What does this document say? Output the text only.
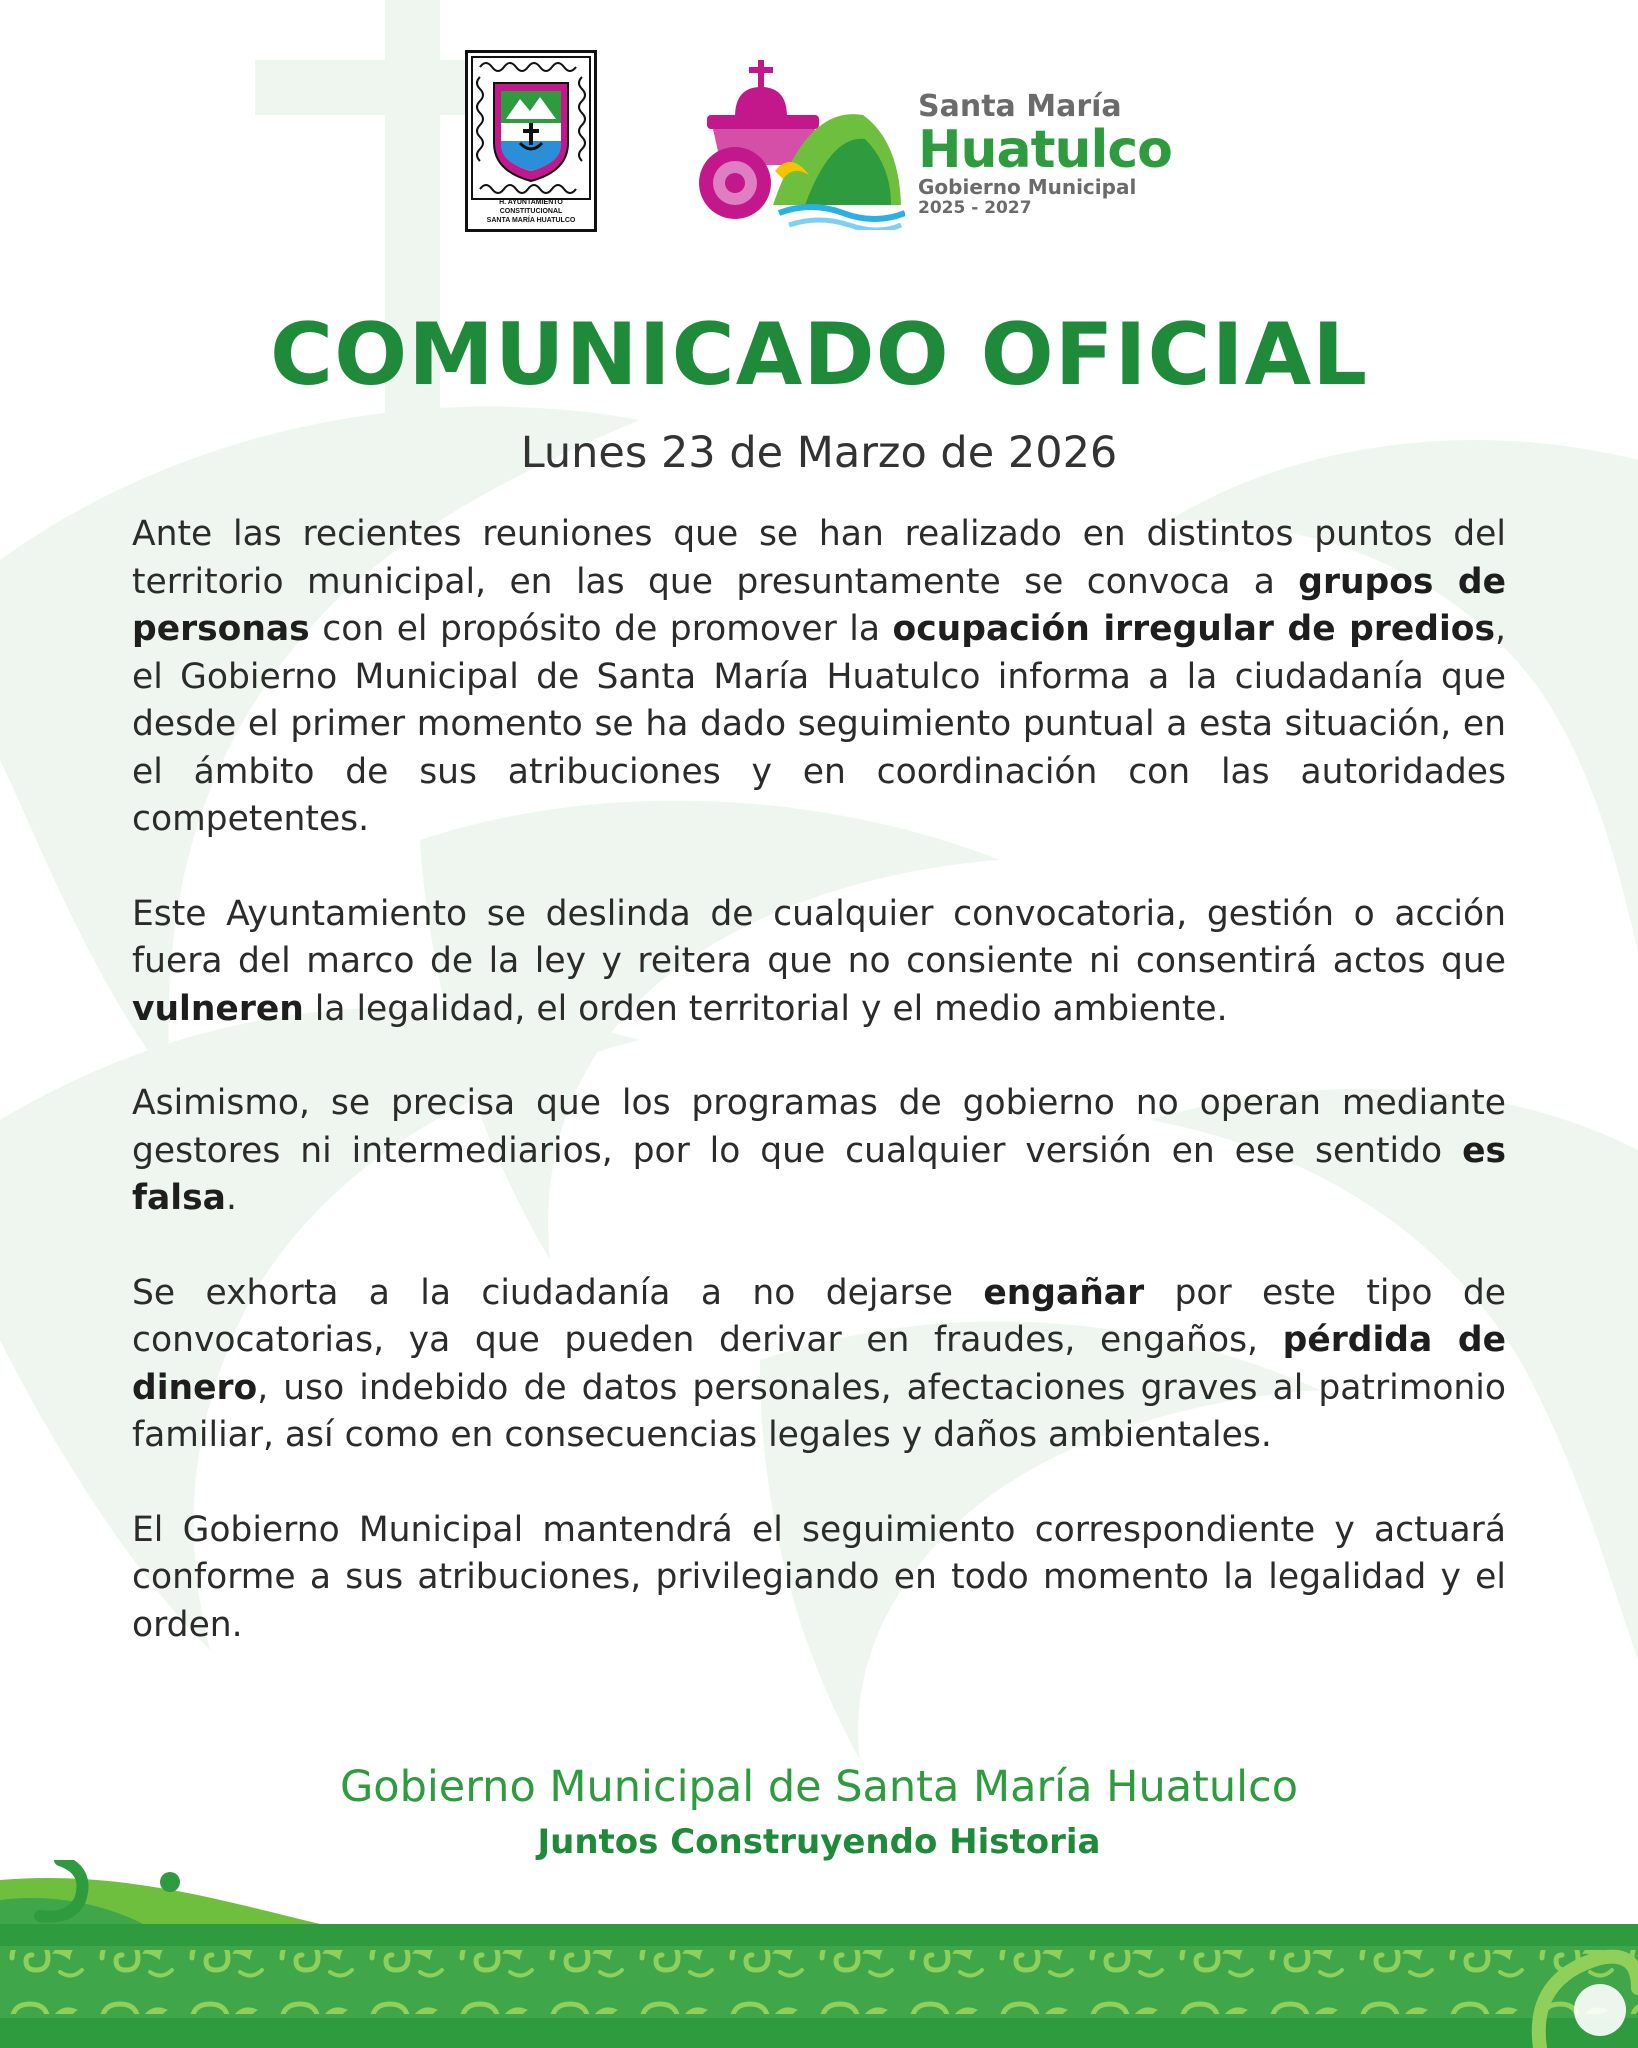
H. AYUNTAMIENTO CONSTITUCIONAL
SANTA MARÍA HUATULCO
Santa María
Huatulco
Gobierno Municipal
2025 - 2027
COMUNICADO OFICIAL
Lunes 23 de Marzo de 2026

Ante las recientes reuniones que se han realizado en distintos puntos del territorio municipal, en las que presuntamente se convoca a grupos de personas con el propósito de promover la ocupación irregular de predios, el Gobierno Municipal de Santa María Huatulco informa a la ciudadanía que desde el primer momento se ha dado seguimiento puntual a esta situación, en el ámbito de sus atribuciones y en coordinación con las autoridades competentes.

Este Ayuntamiento se deslinda de cualquier convocatoria, gestión o acción fuera del marco de la ley y reitera que no consiente ni consentirá actos que vulneren la legalidad, el orden territorial y el medio ambiente.

Asimismo, se precisa que los programas de gobierno no operan mediante gestores ni intermediarios, por lo que cualquier versión en ese sentido es falsa.

Se exhorta a la ciudadanía a no dejarse engañar por este tipo de convocatorias, ya que pueden derivar en fraudes, engaños, pérdida de dinero, uso indebido de datos personales, afectaciones graves al patrimonio familiar, así como en consecuencias legales y daños ambientales.

El Gobierno Municipal mantendrá el seguimiento correspondiente y actuará conforme a sus atribuciones, privilegiando en todo momento la legalidad y el orden.

Gobierno Municipal de Santa María Huatulco
Juntos Construyendo Historia
